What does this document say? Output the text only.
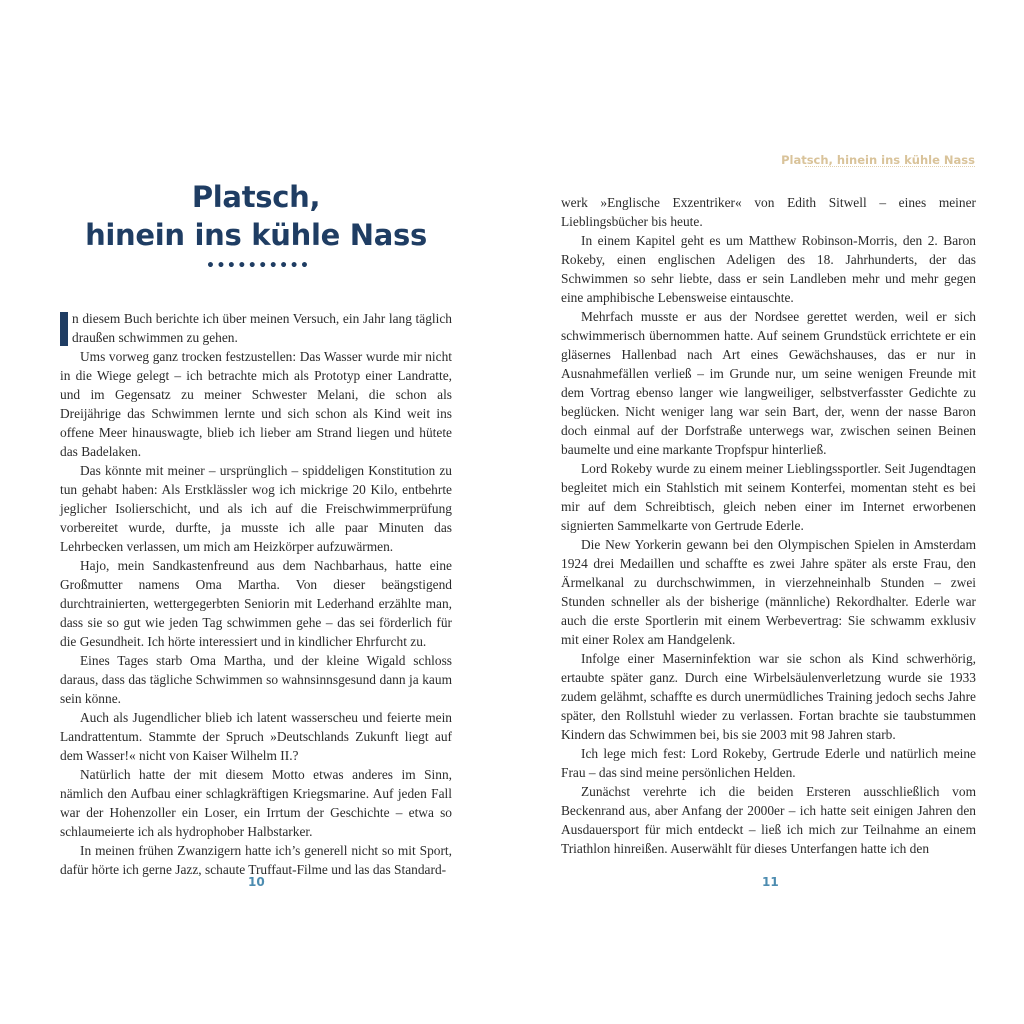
Platsch,
hinein ins kühle Nass
••••••••••

I n diesem Buch berichte ich über meinen Versuch, ein Jahr lang täglich draußen schwimmen zu gehen.

Ums vorweg ganz trocken festzustellen: Das Wasser wurde mir nicht in die Wiege gelegt – ich betrachte mich als Prototyp einer Landratte, und im Gegensatz zu meiner Schwester Melani, die schon als Dreijährige das Schwimmen lernte und sich schon als Kind weit ins offene Meer hinauswagte, blieb ich lieber am Strand liegen und hütete das Badelaken.

Das könnte mit meiner – ursprünglich – spiddeligen Konstitution zu tun gehabt haben: Als Erstklässler wog ich mickrige 20 Kilo, entbehrte jeglicher Isolierschicht, und als ich auf die Freischwimmerprüfung vorbereitet wurde, durfte, ja musste ich alle paar Minuten das Lehrbecken verlassen, um mich am Heizkörper aufzuwärmen.

Hajo, mein Sandkastenfreund aus dem Nachbarhaus, hatte eine Großmutter namens Oma Martha. Von dieser beängstigend durchtrainierten, wettergegerbten Seniorin mit Lederhand erzählte man, dass sie so gut wie jeden Tag schwimmen gehe – das sei förderlich für die Gesundheit. Ich hörte interessiert und in kindlicher Ehrfurcht zu.

Eines Tages starb Oma Martha, und der kleine Wigald schloss daraus, dass das tägliche Schwimmen so wahnsinnsgesund dann ja kaum sein könne.

Auch als Jugendlicher blieb ich latent wasserscheu und feierte mein Landrattentum. Stammte der Spruch »Deutschlands Zukunft liegt auf dem Wasser!« nicht von Kaiser Wilhelm II.?

Natürlich hatte der mit diesem Motto etwas anderes im Sinn, nämlich den Aufbau einer schlagkräftigen Kriegsmarine. Auf jeden Fall war der Hohenzoller ein Loser, ein Irrtum der Geschichte – etwa so schlaumeierte ich als hydrophober Halbstarker.

In meinen frühen Zwanzigern hatte ich’s generell nicht so mit Sport, dafür hörte ich gerne Jazz, schaute Truffaut-Filme und las das Standard-

10
Platsch, hinein ins kühle Nass

werk »Englische Exzentriker« von Edith Sitwell – eines meiner Lieblingsbücher bis heute.

In einem Kapitel geht es um Matthew Robinson-Morris, den 2. Baron Rokeby, einen englischen Adeligen des 18. Jahrhunderts, der das Schwimmen so sehr liebte, dass er sein Landleben mehr und mehr gegen eine amphibische Lebensweise eintauschte.

Mehrfach musste er aus der Nordsee gerettet werden, weil er sich schwimmerisch übernommen hatte. Auf seinem Grundstück errichtete er ein gläsernes Hallenbad nach Art eines Gewächshauses, das er nur in Ausnahmefällen verließ – im Grunde nur, um seine wenigen Freunde mit dem Vortrag ebenso langer wie langweiliger, selbstverfasster Gedichte zu beglücken. Nicht weniger lang war sein Bart, der, wenn der nasse Baron doch einmal auf der Dorfstraße unterwegs war, zwischen seinen Beinen baumelte und eine markante Tropfspur hinterließ.

Lord Rokeby wurde zu einem meiner Lieblingssportler. Seit Jugendtagen begleitet mich ein Stahlstich mit seinem Konterfei, momentan steht es bei mir auf dem Schreibtisch, gleich neben einer im Internet erworbenen signierten Sammelkarte von Gertrude Ederle.

Die New Yorkerin gewann bei den Olympischen Spielen in Amsterdam 1924 drei Medaillen und schaffte es zwei Jahre später als erste Frau, den Ärmelkanal zu durchschwimmen, in vierzehneinhalb Stunden – zwei Stunden schneller als der bisherige (männliche) Rekordhalter. Ederle war auch die erste Sportlerin mit einem Werbevertrag: Sie schwamm exklusiv mit einer Rolex am Handgelenk.

Infolge einer Maserninfektion war sie schon als Kind schwerhörig, ertaubte später ganz. Durch eine Wirbelsäulenverletzung wurde sie 1933 zudem gelähmt, schaffte es durch unermüdliches Training jedoch sechs Jahre später, den Rollstuhl wieder zu verlassen. Fortan brachte sie taubstummen Kindern das Schwimmen bei, bis sie 2003 mit 98 Jahren starb.

Ich lege mich fest: Lord Rokeby, Gertrude Ederle und natürlich meine Frau – das sind meine persönlichen Helden.

Zunächst verehrte ich die beiden Ersteren ausschließlich vom Beckenrand aus, aber Anfang der 2000er – ich hatte seit einigen Jahren den Ausdauersport für mich entdeckt – ließ ich mich zur Teilnahme an einem Triathlon hinreißen. Auserwählt für dieses Unterfangen hatte ich den

11
